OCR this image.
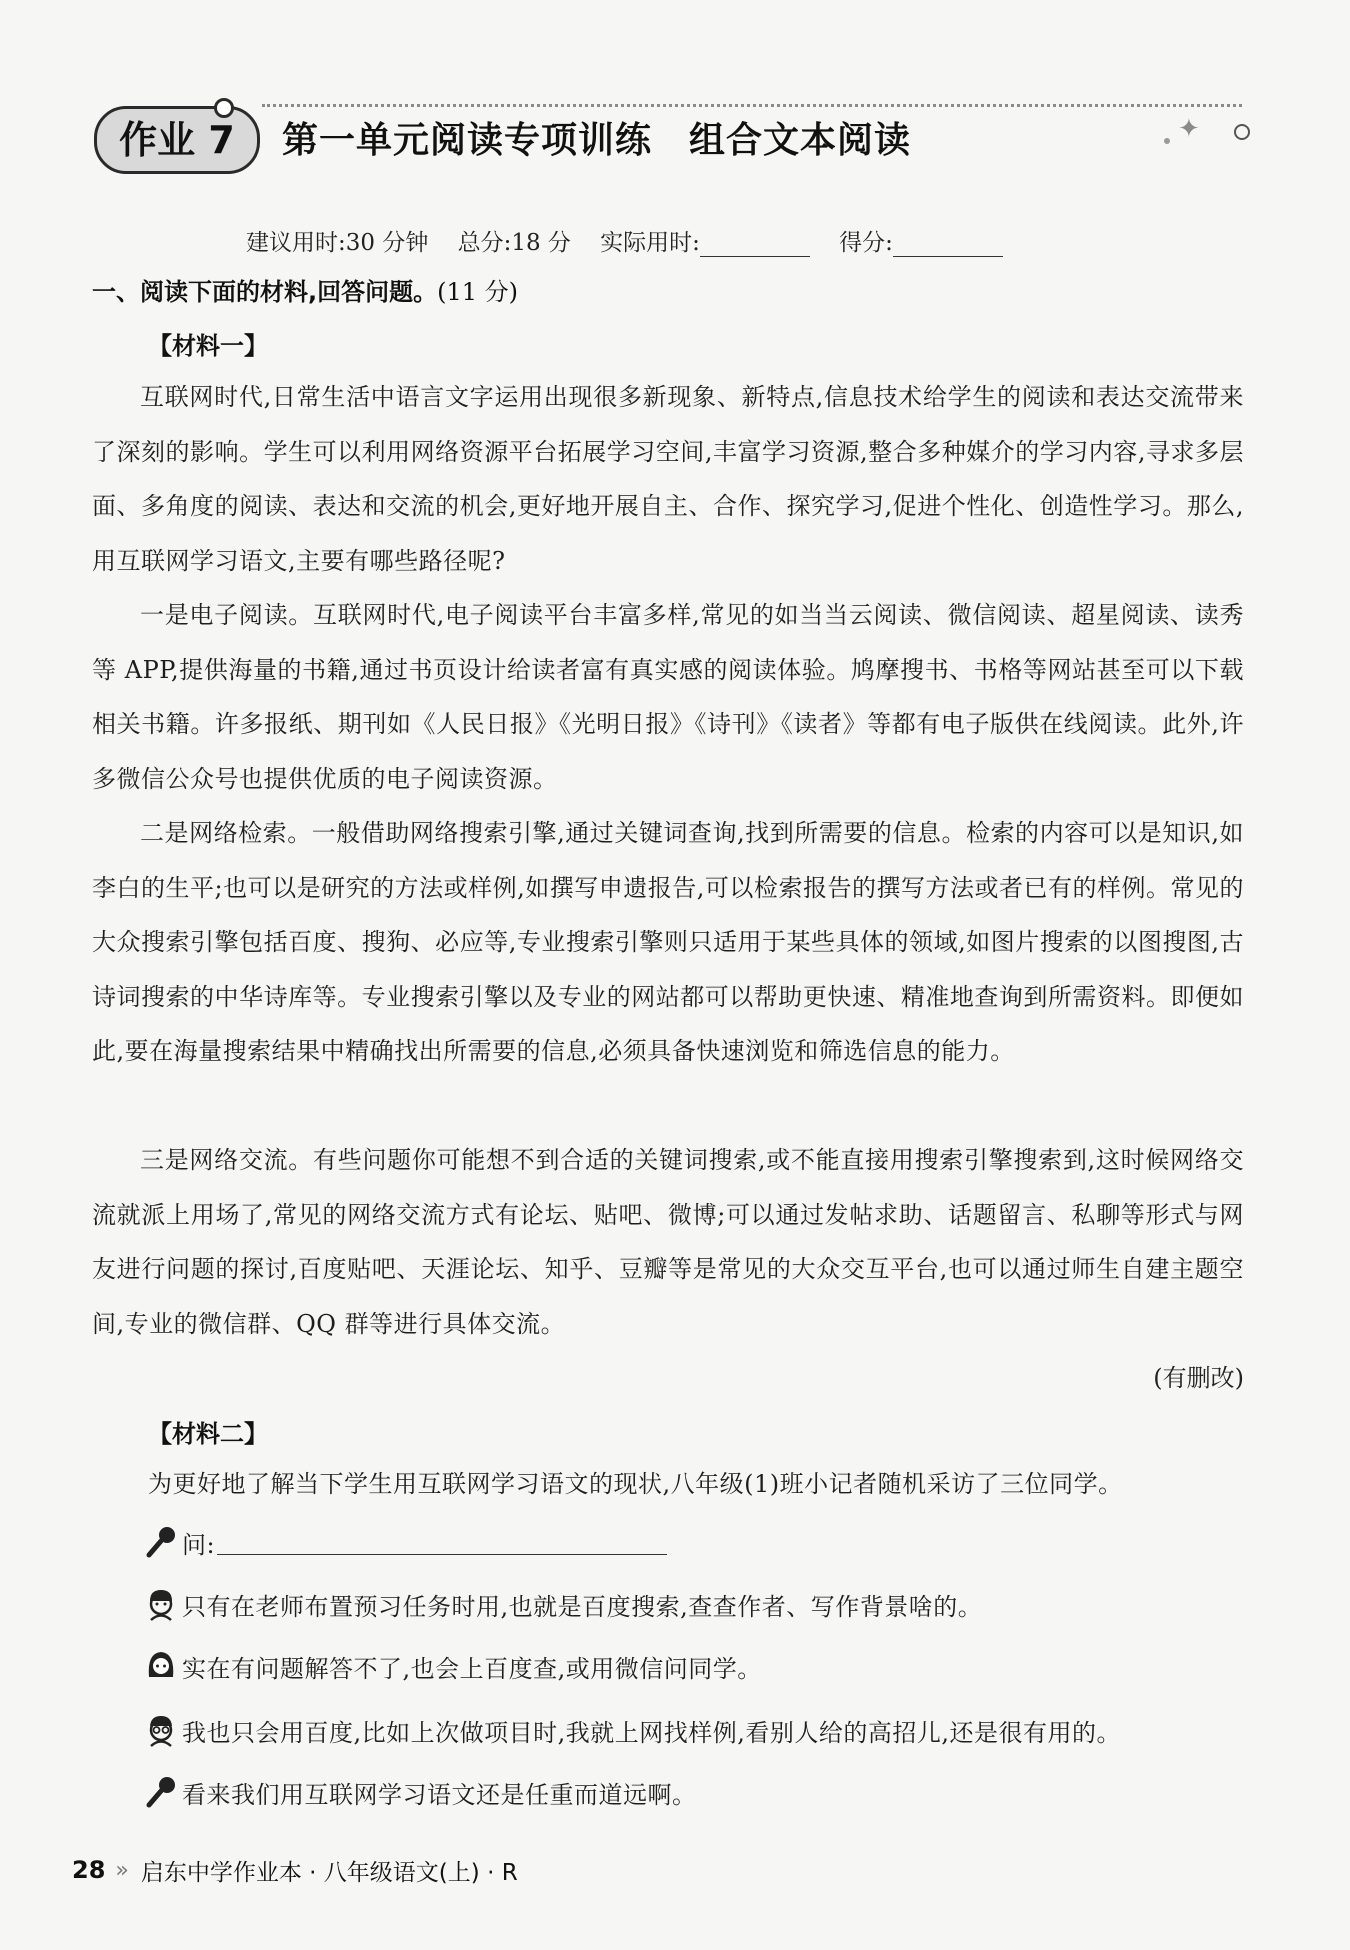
作业 7	第一单元阅读专项训练　组合文本阅读	✦
建议用时:30 分钟 总分:18 分 实际用时:	得分:
一、阅读下面的材料,回答问题。(11 分)
【材料一】
互联网时代,日常生活中语言文字运用出现很多新现象、新特点,信息技术给学生的阅读和表达交流带来了深刻的影响。学生可以利用网络资源平台拓展学习空间,丰富学习资源,整合多种媒介的学习内容,寻求多层面、多角度的阅读、表达和交流的机会,更好地开展自主、合作、探究学习,促进个性化、创造性学习。那么,用互联网学习语文,主要有哪些路径呢?
一是电子阅读。互联网时代,电子阅读平台丰富多样,常见的如当当云阅读、微信阅读、超星阅读、读秀等 APP,提供海量的书籍,通过书页设计给读者富有真实感的阅读体验。鸠摩搜书、书格等网站甚至可以下载相关书籍。许多报纸、期刊如《人民日报》《光明日报》《诗刊》《读者》等都有电子版供在线阅读。此外,许多微信公众号也提供优质的电子阅读资源。
二是网络检索。一般借助网络搜索引擎,通过关键词查询,找到所需要的信息。检索的内容可以是知识,如李白的生平;也可以是研究的方法或样例,如撰写申遗报告,可以检索报告的撰写方法或者已有的样例。常见的大众搜索引擎包括百度、搜狗、必应等,专业搜索引擎则只适用于某些具体的领域,如图片搜索的以图搜图,古诗词搜索的中华诗库等。专业搜索引擎以及专业的网站都可以帮助更快速、精准地查询到所需资料。即便如此,要在海量搜索结果中精确找出所需要的信息,必须具备快速浏览和筛选信息的能力。
三是网络交流。有些问题你可能想不到合适的关键词搜索,或不能直接用搜索引擎搜索到,这时候网络交流就派上用场了,常见的网络交流方式有论坛、贴吧、微博;可以通过发帖求助、话题留言、私聊等形式与网友进行问题的探讨,百度贴吧、天涯论坛、知乎、豆瓣等是常见的大众交互平台,也可以通过师生自建主题空间,专业的微信群、QQ 群等进行具体交流。
(有删改)
【材料二】
为更好地了解当下学生用互联网学习语文的现状,八年级(1)班小记者随机采访了三位同学。
问:
只有在老师布置预习任务时用,也就是百度搜索,查查作者、写作背景啥的。
实在有问题解答不了,也会上百度查,或用微信问同学。
我也只会用百度,比如上次做项目时,我就上网找样例,看别人给的高招儿,还是很有用的。
看来我们用互联网学习语文还是任重而道远啊。
28 » 启东中学作业本 · 八年级语文(上) · R
